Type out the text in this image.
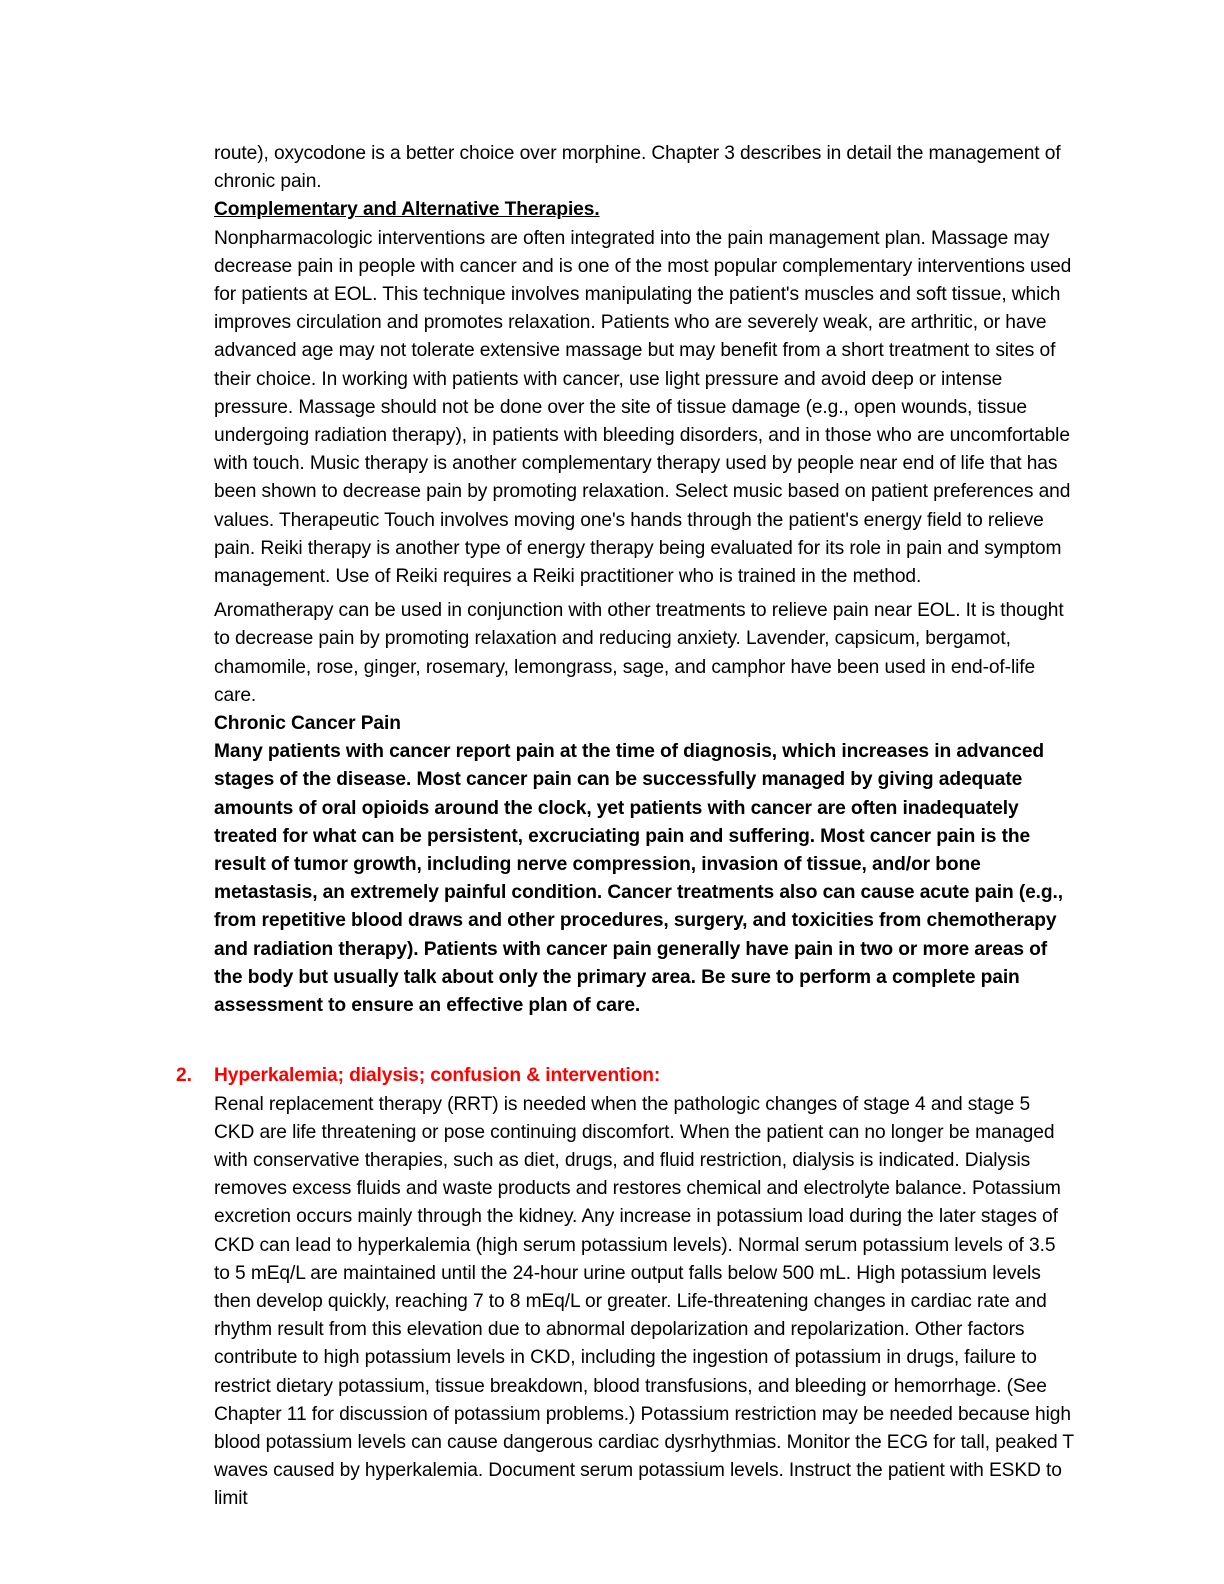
route), oxycodone is a better choice over morphine. Chapter 3 describes in detail the management of chronic pain.

Complementary and Alternative Therapies.

Nonpharmacologic interventions are often integrated into the pain management plan. Massage may decrease pain in people with cancer and is one of the most popular complementary interventions used for patients at EOL. This technique involves manipulating the patient's muscles and soft tissue, which improves circulation and promotes relaxation. Patients who are severely weak, are arthritic, or have advanced age may not tolerate extensive massage but may benefit from a short treatment to sites of their choice. In working with patients with cancer, use light pressure and avoid deep or intense pressure. Massage should not be done over the site of tissue damage (e.g., open wounds, tissue undergoing radiation therapy), in patients with bleeding disorders, and in those who are uncomfortable with touch. Music therapy is another complementary therapy used by people near end of life that has been shown to decrease pain by promoting relaxation. Select music based on patient preferences and values. Therapeutic Touch involves moving one's hands through the patient's energy field to relieve pain. Reiki therapy is another type of energy therapy being evaluated for its role in pain and symptom management. Use of Reiki requires a Reiki practitioner who is trained in the method.

Aromatherapy can be used in conjunction with other treatments to relieve pain near EOL. It is thought to decrease pain by promoting relaxation and reducing anxiety. Lavender, capsicum, bergamot, chamomile, rose, ginger, rosemary, lemongrass, sage, and camphor have been used in end-of-life care.

Chronic Cancer Pain

Many patients with cancer report pain at the time of diagnosis, which increases in advanced stages of the disease. Most cancer pain can be successfully managed by giving adequate amounts of oral opioids around the clock, yet patients with cancer are often inadequately treated for what can be persistent, excruciating pain and suffering. Most cancer pain is the result of tumor growth, including nerve compression, invasion of tissue, and/or bone metastasis, an extremely painful condition. Cancer treatments also can cause acute pain (e.g., from repetitive blood draws and other procedures, surgery, and toxicities from chemotherapy and radiation therapy). Patients with cancer pain generally have pain in two or more areas of the body but usually talk about only the primary area. Be sure to perform a complete pain assessment to ensure an effective plan of care.

2. Hyperkalemia; dialysis; confusion & intervention:

Renal replacement therapy (RRT) is needed when the pathologic changes of stage 4 and stage 5 CKD are life threatening or pose continuing discomfort. When the patient can no longer be managed with conservative therapies, such as diet, drugs, and fluid restriction, dialysis is indicated. Dialysis removes excess fluids and waste products and restores chemical and electrolyte balance. Potassium excretion occurs mainly through the kidney. Any increase in potassium load during the later stages of CKD can lead to hyperkalemia (high serum potassium levels). Normal serum potassium levels of 3.5 to 5 mEq/L are maintained until the 24-hour urine output falls below 500 mL. High potassium levels then develop quickly, reaching 7 to 8 mEq/L or greater. Life-threatening changes in cardiac rate and rhythm result from this elevation due to abnormal depolarization and repolarization. Other factors contribute to high potassium levels in CKD, including the ingestion of potassium in drugs, failure to restrict dietary potassium, tissue breakdown, blood transfusions, and bleeding or hemorrhage. (See Chapter 11 for discussion of potassium problems.) Potassium restriction may be needed because high blood potassium levels can cause dangerous cardiac dysrhythmias. Monitor the ECG for tall, peaked T waves caused by hyperkalemia. Document serum potassium levels. Instruct the patient with ESKD to limit
